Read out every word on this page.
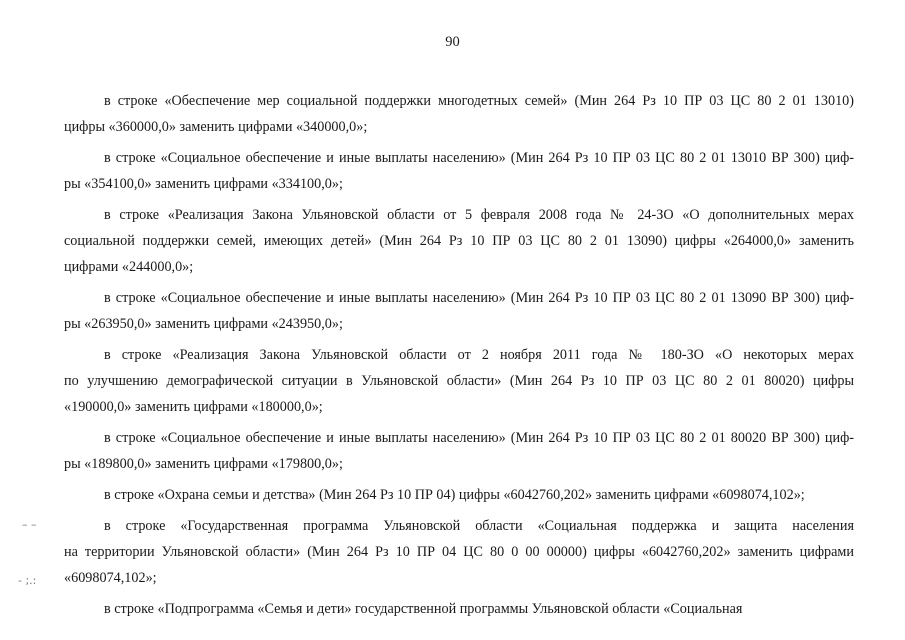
90
в строке «Обеспечение мер социальной поддержки многодетных семей» (Мин 264 Рз 10 ПР 03 ЦС 80 2 01 13010)
цифры «360000,0» заменить цифрами «340000,0»;
в строке «Социальное обеспечение и иные выплаты населению» (Мин 264 Рз 10 ПР 03 ЦС 80 2 01 13010 ВР 300) циф-
ры «354100,0» заменить цифрами «334100,0»;
в строке «Реализация Закона Ульяновской области от 5 февраля 2008 года № 24-ЗО «О дополнительных мерах
социальной поддержки семей, имеющих детей» (Мин 264 Рз 10 ПР 03 ЦС 80 2 01 13090) цифры «264000,0» заменить
цифрами «244000,0»;
в строке «Социальное обеспечение и иные выплаты населению» (Мин 264 Рз 10 ПР 03 ЦС 80 2 01 13090 ВР 300) циф-
ры «263950,0» заменить цифрами «243950,0»;
в строке «Реализация Закона Ульяновской области от 2 ноября 2011 года № 180-ЗО «О некоторых мерах
по улучшению демографической ситуации в Ульяновской области» (Мин 264 Рз 10 ПР 03 ЦС 80 2 01 80020) цифры
«190000,0» заменить цифрами «180000,0»;
в строке «Социальное обеспечение и иные выплаты населению» (Мин 264 Рз 10 ПР 03 ЦС 80 2 01 80020 ВР 300) циф-
ры «189800,0» заменить цифрами «179800,0»;
в строке «Охрана семьи и детства» (Мин 264 Рз 10 ПР 04) цифры «6042760,202» заменить цифрами «6098074,102»;
в строке «Государственная программа Ульяновской области «Социальная поддержка и защита населения
на территории Ульяновской области» (Мин 264 Рз 10 ПР 04 ЦС 80 0 00 00000) цифры «6042760,202» заменить цифрами
«6098074,102»;
в строке «Подпрограмма «Семья и дети» государственной программы Ульяновской области «Социальная
– –
- ;.:
